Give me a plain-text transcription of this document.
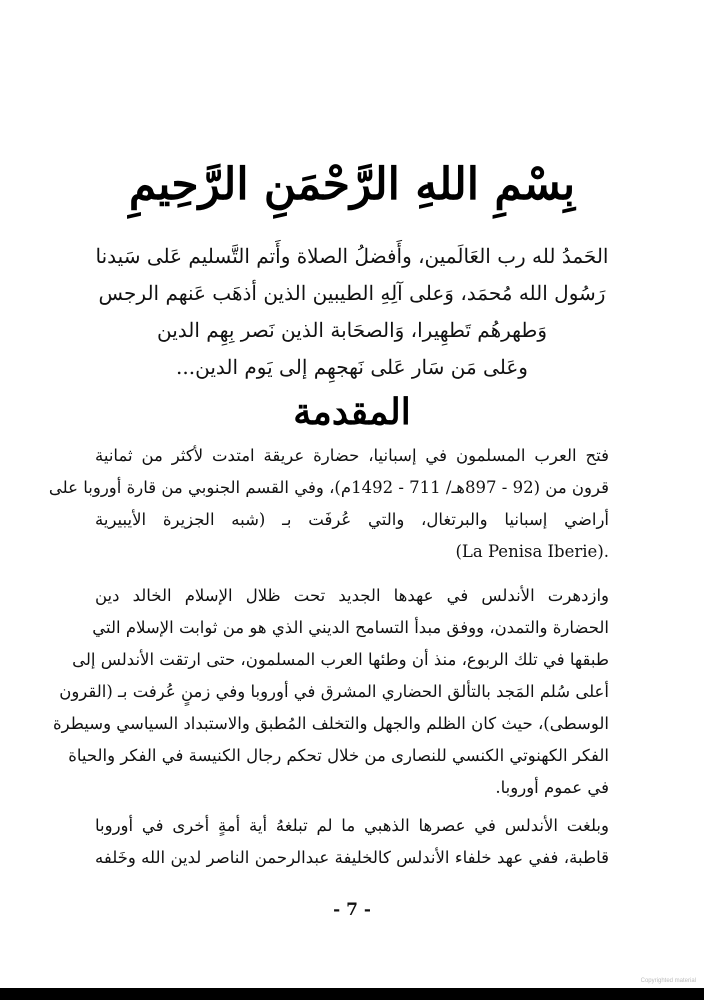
بِسْمِ اللهِ الرَّحْمَنِ الرَّحِيمِ
الحَمدُ لله رب العَالَمين، وأَفضلُ الصلاة وأَتم التَّسليم عَلى سَيدنا
رَسُول الله مُحمَد، وَعلى آلِهِ الطيبين الذين أذهَب عَنهم الرجس
وَطهرهُم تَطهِيرا، وَالصحَابة الذين نَصر بِهِم الدين
وعَلى مَن سَار عَلى نَهجهِم إلى يَوم الدين...
المقدمة
فتح العرب المسلمون في إسبانيا، حضارة عريقة امتدت لأكثر من ثمانية
قرون من (92 - 897هـ/ 711 - 1492م)، وفي القسم الجنوبي من قارة أوروبا على
أراضي إسبانيا والبرتغال، والتي عُرفَت بـ (شبه الجزيرة الأيبيرية
.(La Penisa Iberie)
وازدهرت الأندلس في عهدها الجديد تحت ظلال الإسلام الخالد دين
الحضارة والتمدن، ووفق مبدأ التسامح الديني الذي هو من ثوابت الإسلام التي
طبقها في تلك الربوع، منذ أن وطئها العرب المسلمون، حتى ارتقت الأندلس إلى
أعلى سُلم المَجد بالتألق الحضاري المشرق في أوروبا وفي زمنٍ عُرفت بـ (القرون
الوسطى)، حيث كان الظلم والجهل والتخلف المُطبق والاستبداد السياسي وسيطرة
الفكر الكهنوتي الكنسي للنصارى من خلال تحكم رجال الكنيسة في الفكر والحياة
في عموم أوروبا.
وبلغت الأندلس في عصرها الذهبي ما لم تبلغهُ أية أمةٍ أخرى في أوروبا
قاطبة، ففي عهد خلفاء الأندلس كالخليفة عبدالرحمن الناصر لدين الله وخَلفه
- 7 -
Copyrighted material
